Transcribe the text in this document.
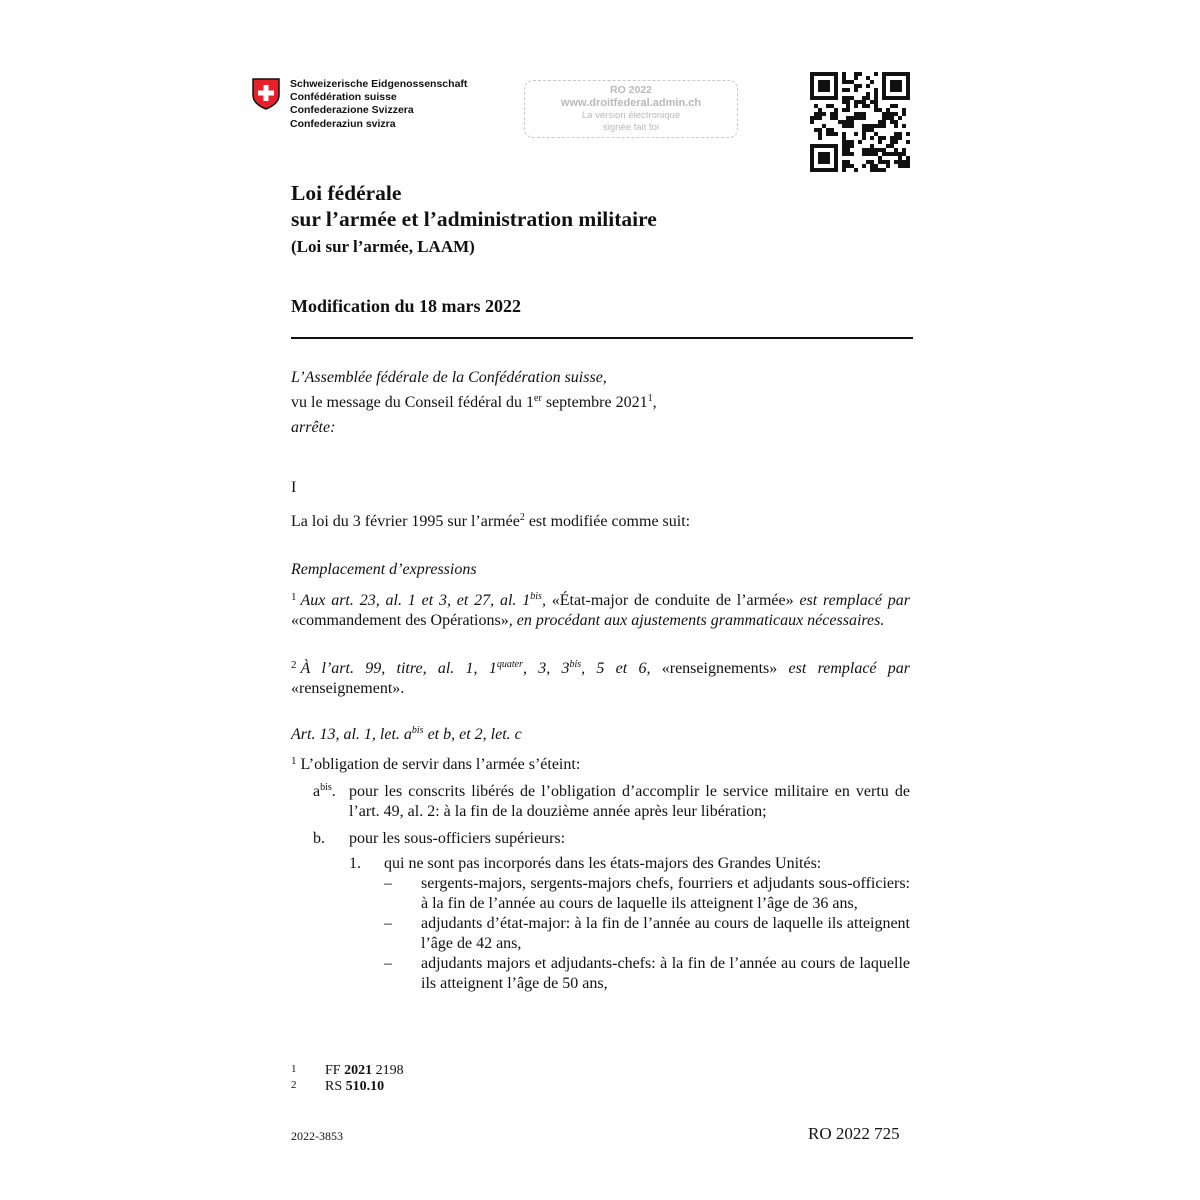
Schweizerische Eidgenossenschaft
Confédération suisse
Confederazione Svizzera
Confederaziun svizra
RO 2022
www.droitfederal.admin.ch
La version électronique
signée fait foi
Loi fédérale
sur l’armée et l’administration militaire
(Loi sur l’armée, LAAM)
Modification du 18 mars 2022
L’Assemblée fédérale de la Confédération suisse,
vu le message du Conseil fédéral du 1er septembre 2021$^1$,
arrête:
I
La loi du 3 février 1995 sur l’armée$^2$ est modifiée comme suit:
Remplacement d’expressions
$^1$ Aux art. 23, al. 1 et 3, et 27, al. $1^{bis}$, «État-major de conduite de l’armée» est remplacé par «commandement des Opérations», en procédant aux ajustements grammaticaux nécessaires.
$^2$ À l’art. 99, titre, al. 1, $1^{quater}$, 3, $3^{bis}$, 5 et 6, «renseignements» est remplacé par «renseignement».
Art. 13, al. 1, let. $a^{bis}$ et b, et 2, let. c
$^1$ L’obligation de servir dans l’armée s’éteint:
$a^{bis}$. pour les conscrits libérés de l’obligation d’accomplir le service militaire en vertu de l’art. 49, al. 2: à la fin de la douzième année après leur libération;
b. pour les sous-officiers supérieurs:
1. qui ne sont pas incorporés dans les états-majors des Grandes Unités:
– sergents-majors, sergents-majors chefs, fourriers et adjudants sous-officiers: à la fin de l’année au cours de laquelle ils atteignent l’âge de 36 ans,
– adjudants d’état-major: à la fin de l’année au cours de laquelle ils atteignent l’âge de 42 ans,
– adjudants majors et adjudants-chefs: à la fin de l’année au cours de laquelle ils atteignent l’âge de 50 ans,
1 FF 2021 2198
2 RS 510.10
2022-3853	RO 2022 725
